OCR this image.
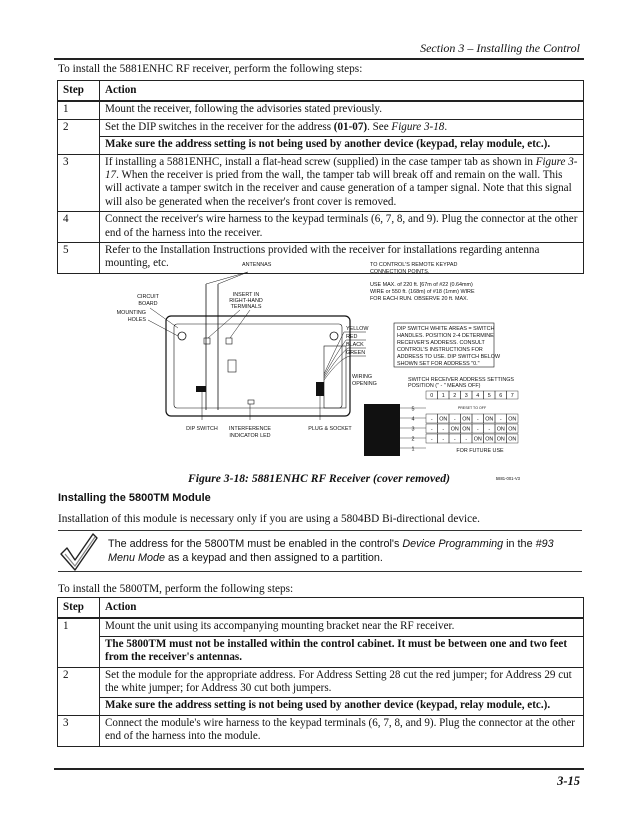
Section 3 – Installing the Control
To install the 5881ENHC RF receiver, perform the following steps:
Step	Action
1	Mount the receiver, following the advisories stated previously.
2	Set the DIP switches in the receiver for the address (01-07). See Figure 3-18.
Make sure the address setting is not being used by another device (keypad, relay module, etc.).

3	If installing a 5881ENHC, install a flat-head screw (supplied) in the case tamper tab as shown in Figure 3-17. When the receiver is pried from the wall, the tamper tab will break off and remain on the wall. This will activate a tamper switch in the receiver and cause generation of a tamper signal. Note that this signal will also be generated when the receiver's front cover is removed.
4	Connect the receiver's wire harness to the keypad terminals (6, 7, 8, and 9). Plug the connector at the other end of the harness into the receiver.
5	Refer to the Installation Instructions provided with the receiver for installations regarding antenna mounting, etc.	ANTENNAS
CIRCUIT
BOARD
MOUNTING
HOLES
INSERT IN
RIGHT-HAND
TERMINALS
YELLOW
RED
BLACK
GREEN
TO CONTROL'S REMOTE KEYPAD
CONNECTION POINTS.
USE MAX. of 220 ft. [67m of #22 (0.64mm)
WIRE or 550 ft. (168m) of #18 (1mm) WIRE
FOR EACH RUN. OBSERVE 20 ft. MAX.
DIP SWITCH WHITE AREAS = SWITCH
HANDLES. POSITION 2-4 DETERMINE
RECEIVER'S ADDRESS. CONSULT
CONTROL'S INSTRUCTIONS FOR
ADDRESS TO USE. DIP SWITCH BELOW
SHOWN SET FOR ADDRESS "0."
WIRING
OPENING
DIP SWITCH INTERFERENCE
INDICATOR LED
PLUG & SOCKET
SWITCH RECEIVER ADDRESS SETTINGS
POSITION (" - " MEANS OFF)
0 1 2 3 4 5 6 7
5	PRESET TO OFF
4	- ON - ON - ON - ON
3	- - ON ON - - ON ON
2	- - - - ON ON ON ON
1	FOR FUTURE USE
5881-001-V3
Figure 3-18: 5881ENHC RF Receiver (cover removed)
Installing the 5800TM Module
Installation of this module is necessary only if you are using a 5804BD Bi-directional device.
The address for the 5800TM must be enabled in the control's Device Programming in the #93 Menu Mode as a keypad and then assigned to a partition.
To install the 5800TM, perform the following steps:
Step	Action
1	Mount the unit using its accompanying mounting bracket near the RF receiver.
The 5800TM must not be installed within the control cabinet. It must be between one and two feet from the receiver's antennas.

2	Set the module for the appropriate address. For Address Setting 28 cut the red jumper; for Address 29 cut the white jumper; for Address 30 cut both jumpers.
Make sure the address setting is not being used by another device (keypad, relay module, etc.).

3	Connect the module's wire harness to the keypad terminals (6, 7, 8, and 9). Plug the connector at the other end of the harness into the module.
3-15
